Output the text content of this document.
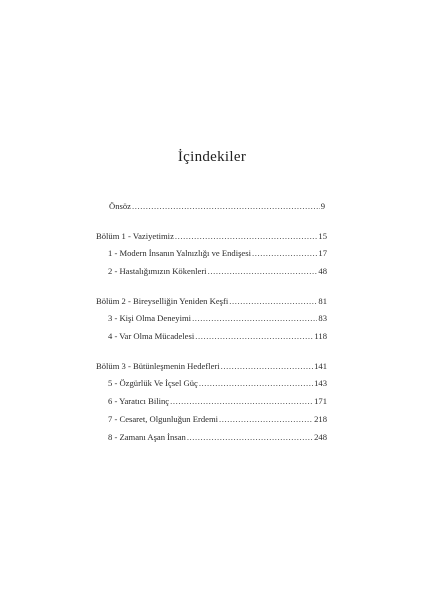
İçindekiler
Önsöz .....	9
Bölüm 1 - Vaziyetimiz .....	15
1 - Modern İnsanın Yalnızlığı ve Endişesi .....	17
2 - Hastalığımızın Kökenleri .....	48
Bölüm 2 - Bireyselliğin Yeniden Keşfi .....	81
3 - Kişi Olma Deneyimi .....	83
4 - Var Olma Mücadelesi .....	118
Bölüm 3 - Bütünleşmenin Hedefleri .....	141
5 - Özgürlük Ve İçsel Güç .....	143
6 - Yaratıcı Bilinç .....	171
7 - Cesaret, Olgunluğun Erdemi .....	218
8 - Zamanı Aşan İnsan .....	248
